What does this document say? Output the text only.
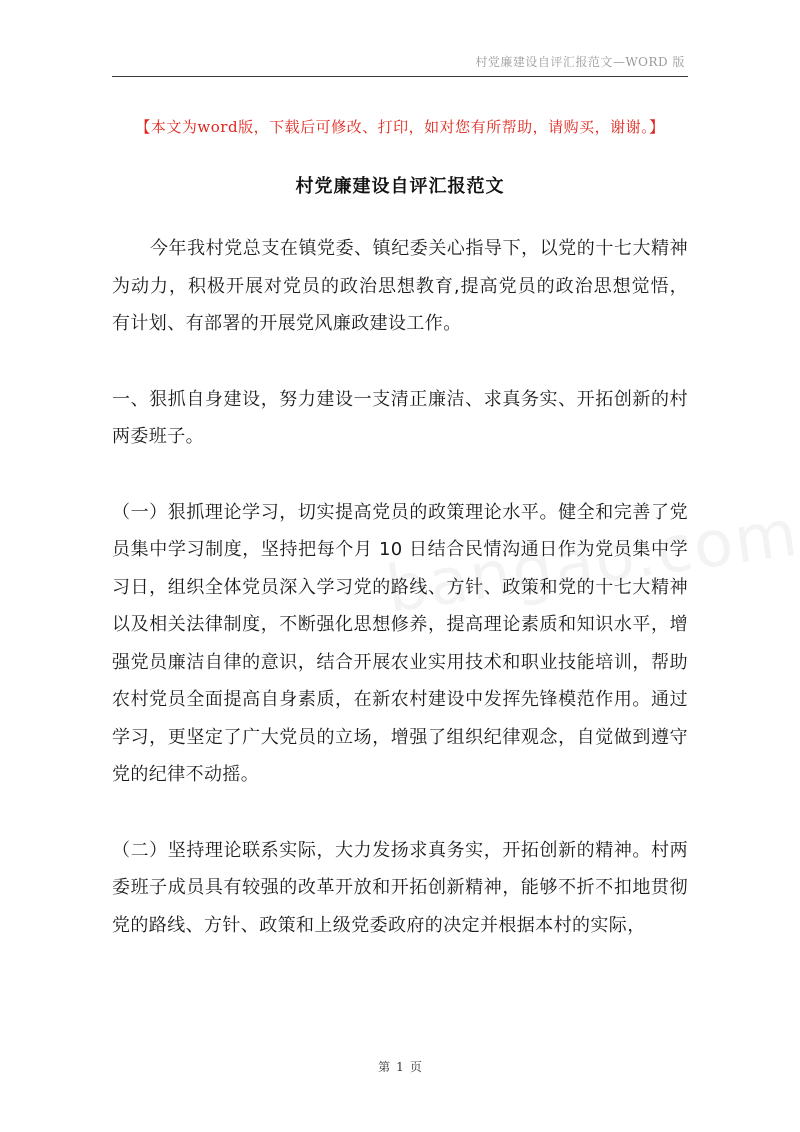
村党廉建设自评汇报范文—WORD 版
【本文为word版，下载后可修改、打印，如对您有所帮助，请购买，谢谢。】
村党廉建设自评汇报范文

今年我村党总支在镇党委、镇纪委关心指导下，以党的十七大精神为动力，积极开展对党员的政治思想教育,提高党员的政治思想觉悟，有计划、有部署的开展党风廉政建设工作。

一、狠抓自身建设，努力建设一支清正廉洁、求真务实、开拓创新的村两委班子。

（一）狠抓理论学习，切实提高党员的政策理论水平。健全和完善了党员集中学习制度，坚持把每个月 10 日结合民情沟通日作为党员集中学习日，组织全体党员深入学习党的路线、方针、政策和党的十七大精神以及相关法律制度，不断强化思想修养，提高理论素质和知识水平，增强党员廉洁自律的意识，结合开展农业实用技术和职业技能培训，帮助农村党员全面提高自身素质，在新农村建设中发挥先锋模范作用。通过学习，更坚定了广大党员的立场，增强了组织纪律观念，自觉做到遵守党的纪律不动摇。

（二）坚持理论联系实际，大力发扬求真务实，开拓创新的精神。村两委班子成员具有较强的改革开放和开拓创新精神，能够不折不扣地贯彻党的路线、方针、政策和上级党委政府的决定并根据本村的实际，

第 1 页
